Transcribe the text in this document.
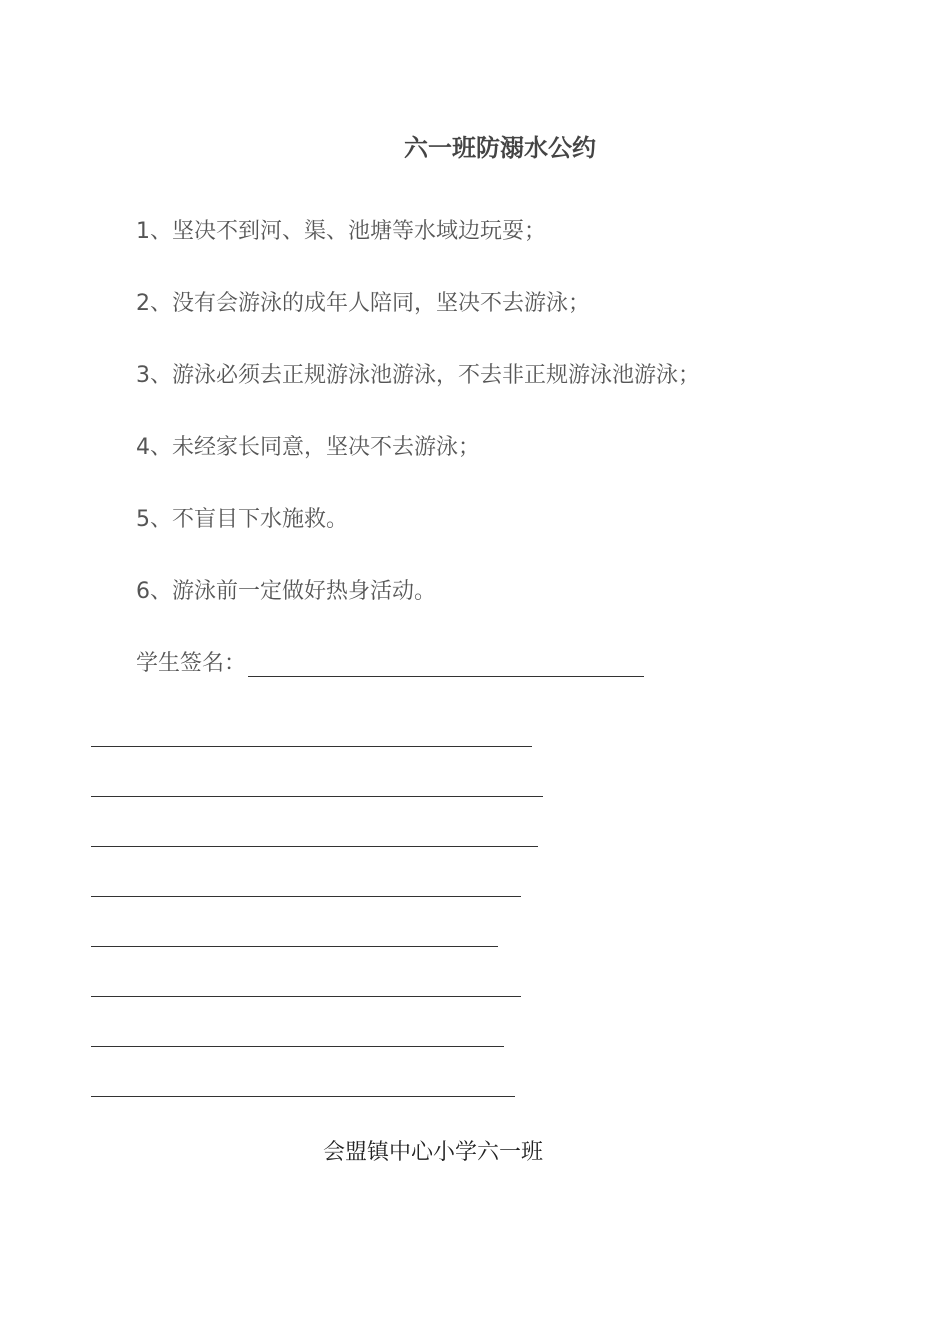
六一班防溺水公约
1、坚决不到河、渠、池塘等水域边玩耍；
2、没有会游泳的成年人陪同，坚决不去游泳；
3、游泳必须去正规游泳池游泳，不去非正规游泳池游泳；
4、未经家长同意，坚决不去游泳；
5、不盲目下水施救。
6、游泳前一定做好热身活动。
学生签名：
会盟镇中心小学六一班
